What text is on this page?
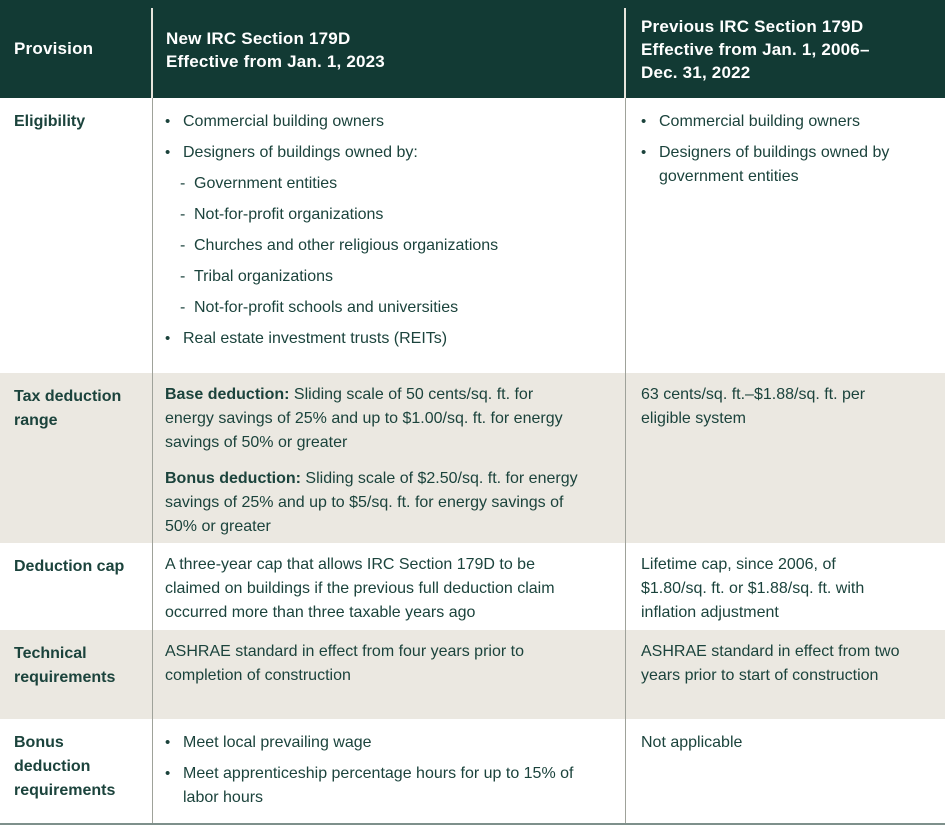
Provision
New IRC Section 179D
Effective from Jan. 1, 2023
Previous IRC Section 179D
Effective from Jan. 1, 2006–
Dec. 31, 2022
Eligibility	• Commercial building owners
• Designers of buildings owned by:
- Government entities
- Not-for-profit organizations
- Churches and other religious organizations
- Tribal organizations
- Not-for-profit schools and universities
• Real estate investment trusts (REITs)
• Commercial building owners
• Designers of buildings owned by government entities
Tax deduction range

Base deduction: Sliding scale of 50 cents/sq. ft. for energy savings of 25% and up to $1.00/sq. ft. for energy savings of 50% or greater

Bonus deduction: Sliding scale of $2.50/sq. ft. for energy savings of 25% and up to $5/sq. ft. for energy savings of 50% or greater

63 cents/sq. ft.–$1.88/sq. ft. per eligible system

Deduction cap	A three-year cap that allows IRC Section 179D to be claimed on buildings if the previous full deduction claim occurred more than three taxable years ago

Lifetime cap, since 2006, of $1.80/sq. ft. or $1.88/sq. ft. with inflation adjustment

Technical requirements

ASHRAE standard in effect from four years prior to completion of construction

ASHRAE standard in effect from two years prior to start of construction

Bonus deduction requirements
• Meet local prevailing wage
• Meet apprenticeship percentage hours for up to 15% of labor hours

Not applicable
